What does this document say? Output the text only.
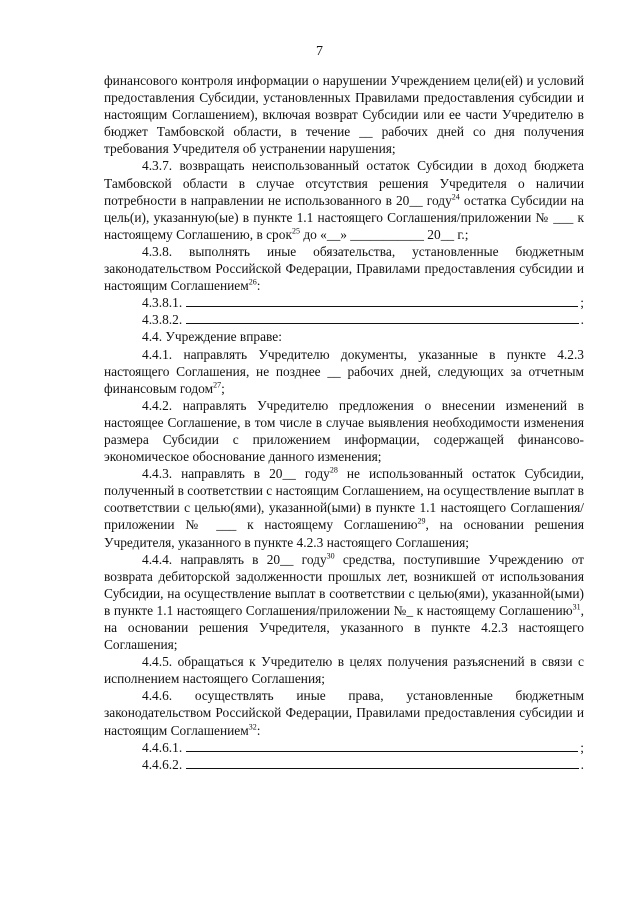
7

финансового контроля информации о нарушении Учреждением цели(ей) и условий предоставления Субсидии, установленных Правилами предоставления субсидии и настоящим Соглашением), включая возврат Субсидии или ее части Учредителю в бюджет Тамбовской области, в течение __ рабочих дней со дня получения требования Учредителя об устранении нарушения;

4.3.7. возвращать неиспользованный остаток Субсидии в доход бюджета Тамбовской области в случае отсутствия решения Учредителя о наличии потребности в направлении не использованного в 20__ году$^{24}$ остатка Субсидии на цель(и), указанную(ые) в пункте 1.1 настоящего Соглашения/приложении № ___ к настоящему Соглашению, в срок$^{25}$ до «__» ___________ 20__ г.;

4.3.8. выполнять иные обязательства, установленные бюджетным законодательством Российской Федерации, Правилами предоставления субсидии и настоящим Соглашением$^{26}$:

4.3.8.1.	;
4.3.8.2.	.

4.4. Учреждение вправе:

4.4.1. направлять Учредителю документы, указанные в пункте 4.2.3 настоящего Соглашения, не позднее __ рабочих дней, следующих за отчетным финансовым годом$^{27}$;

4.4.2. направлять Учредителю предложения о внесении изменений в настоящее Соглашение, в том числе в случае выявления необходимости изменения размера Субсидии с приложением информации, содержащей финансово-экономическое обоснование данного изменения;

4.4.3. направлять в 20__ году$^{28}$ не использованный остаток Субсидии, полученный в соответствии с настоящим Соглашением, на осуществление выплат в соответствии с целью(ями), указанной(ыми) в пункте 1.1 настоящего Соглашения/приложении № ___ к настоящему Соглашению$^{29}$, на основании решения Учредителя, указанного в пункте 4.2.3 настоящего Соглашения;

4.4.4. направлять в 20__ году$^{30}$ средства, поступившие Учреждению от возврата дебиторской задолженности прошлых лет, возникшей от использования Субсидии, на осуществление выплат в соответствии с целью(ями), указанной(ыми) в пункте 1.1 настоящего Соглашения/приложении №_ к настоящему Соглашению$^{31}$, на основании решения Учредителя, указанного в пункте 4.2.3 настоящего Соглашения;

4.4.5. обращаться к Учредителю в целях получения разъяснений в связи с исполнением настоящего Соглашения;

4.4.6. осуществлять иные права, установленные бюджетным законодательством Российской Федерации, Правилами предоставления субсидии и настоящим Соглашением$^{32}$:

4.4.6.1.	;
4.4.6.2.	.
